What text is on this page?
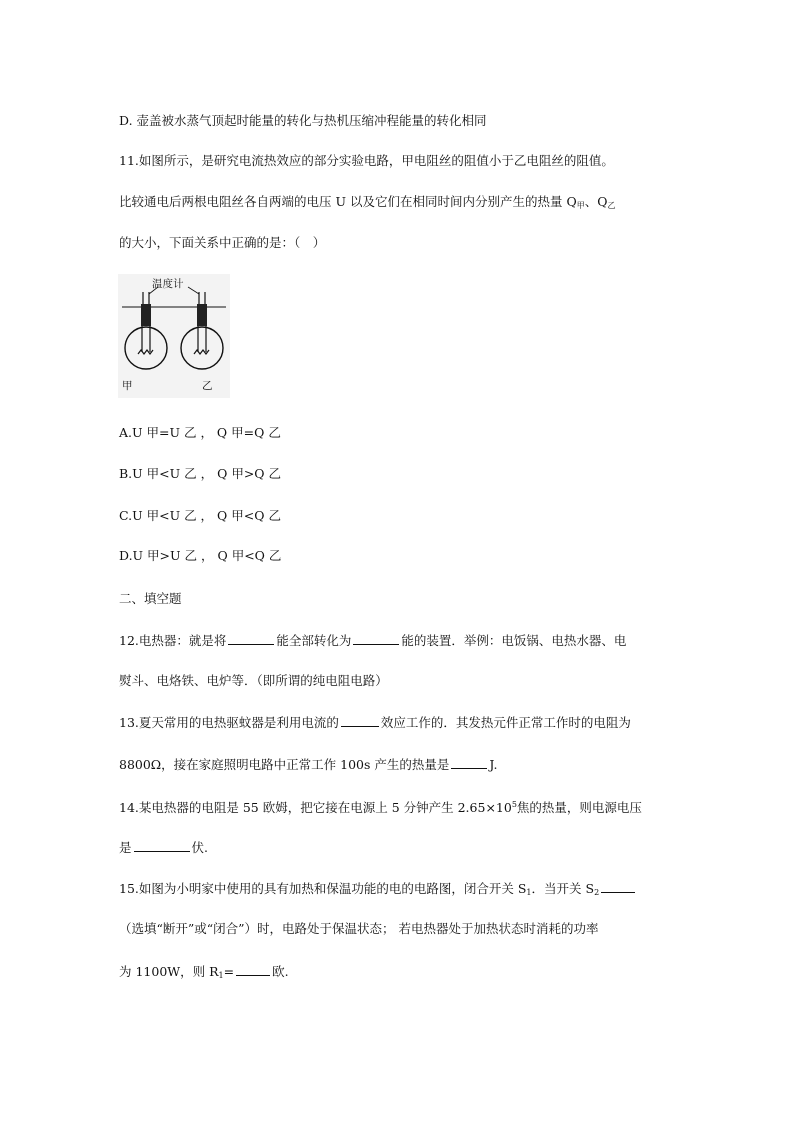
D. 壶盖被水蒸气顶起时能量的转化与热机压缩冲程能量的转化相同
11.如图所示，是研究电流热效应的部分实验电路，甲电阻丝的阻值小于乙电阻丝的阻值。
比较通电后两根电阻丝各自两端的电压 U 以及它们在相同时间内分别产生的热量 $Q_甲$、$Q_乙$
的大小，下面关系中正确的是：（　）
温度计
甲	乙
A.U 甲=U 乙 ， Q 甲=Q 乙
B.U 甲<U 乙 ， Q 甲>Q 乙
C.U 甲<U 乙 ， Q 甲<Q 乙
D.U 甲>U 乙 ， Q 甲<Q 乙
二、填空题
12.电热器：就是将	能全部转化为	能的装置．举例：电饭锅、电热水器、电
熨斗、电烙铁、电炉等．（即所谓的纯电阻电路）
13.夏天常用的电热驱蚊器是利用电流的	效应工作的．其发热元件正常工作时的电阻为
8800Ω，接在家庭照明电路中正常工作 100s 产生的热量是	J.
14.某电热器的电阻是 55 欧姆，把它接在电源上 5 分钟产生 $2.65\times 10^5$焦的热量，则电源电压
是	伏.
15.如图为小明家中使用的具有加热和保温功能的电的电路图，闭合开关 $S_1$．当开关 $S_2$
（选填“断开”或“闭合”）时，电路处于保温状态； 若电热器处于加热状态时消耗的功率
为 1100W，则 $R_1=$	欧.
